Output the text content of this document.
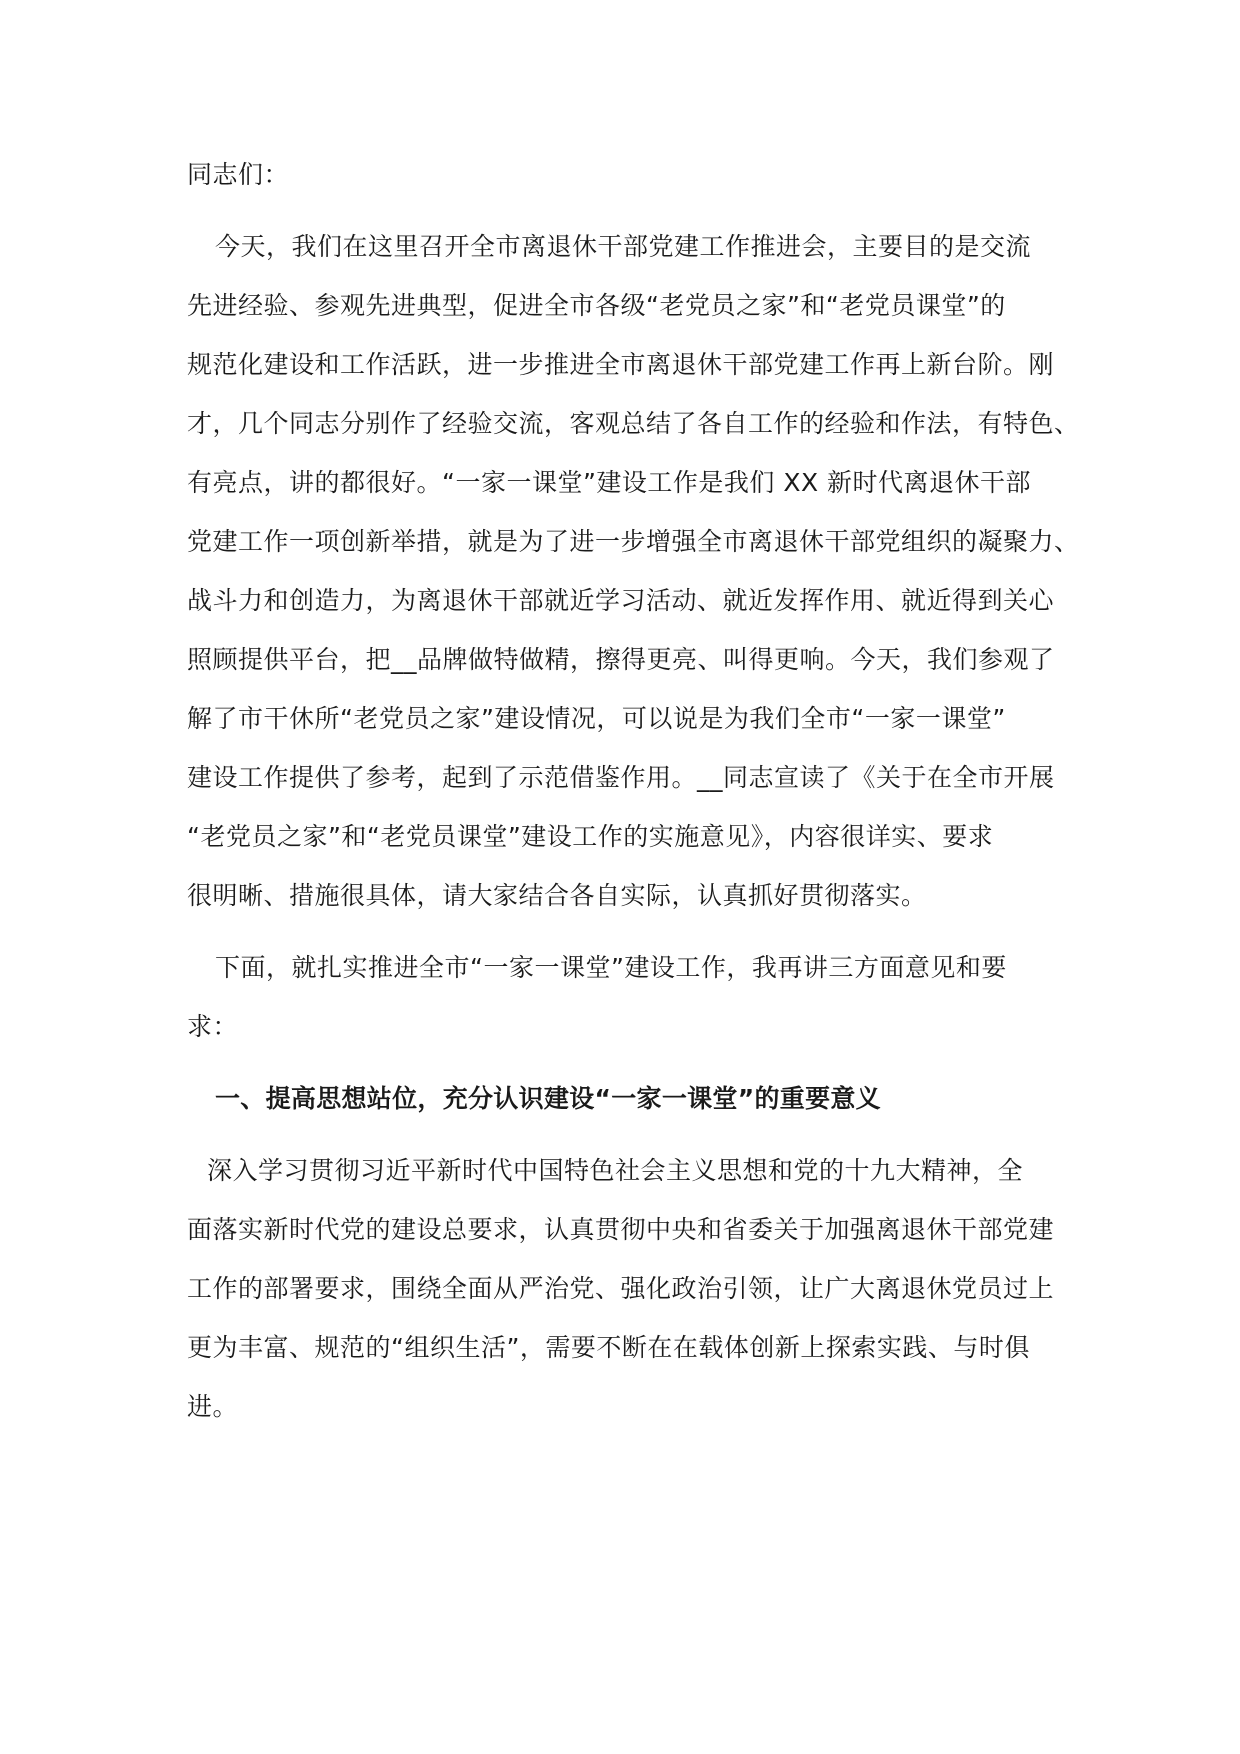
同志们：
今天，我们在这里召开全市离退休干部党建工作推进会，主要目的是交流
先进经验、参观先进典型，促进全市各级“老党员之家”和“老党员课堂”的
规范化建设和工作活跃，进一步推进全市离退休干部党建工作再上新台阶。刚
才，几个同志分别作了经验交流，客观总结了各自工作的经验和作法，有特色、
有亮点，讲的都很好。“一家一课堂”建设工作是我们 XX 新时代离退休干部
党建工作一项创新举措，就是为了进一步增强全市离退休干部党组织的凝聚力、
战斗力和创造力，为离退休干部就近学习活动、就近发挥作用、就近得到关心
照顾提供平台，把__品牌做特做精，擦得更亮、叫得更响。今天，我们参观了
解了市干休所“老党员之家”建设情况，可以说是为我们全市“一家一课堂”
建设工作提供了参考，起到了示范借鉴作用。__同志宣读了《关于在全市开展
“老党员之家”和“老党员课堂”建设工作的实施意见》，内容很详实、要求
很明晰、措施很具体，请大家结合各自实际，认真抓好贯彻落实。
下面，就扎实推进全市“一家一课堂”建设工作，我再讲三方面意见和要
求：
一、提高思想站位，充分认识建设“一家一课堂”的重要意义
深入学习贯彻习近平新时代中国特色社会主义思想和党的十九大精神，全
面落实新时代党的建设总要求，认真贯彻中央和省委关于加强离退休干部党建
工作的部署要求，围绕全面从严治党、强化政治引领，让广大离退休党员过上
更为丰富、规范的“组织生活”，需要不断在在载体创新上探索实践、与时俱
进。
